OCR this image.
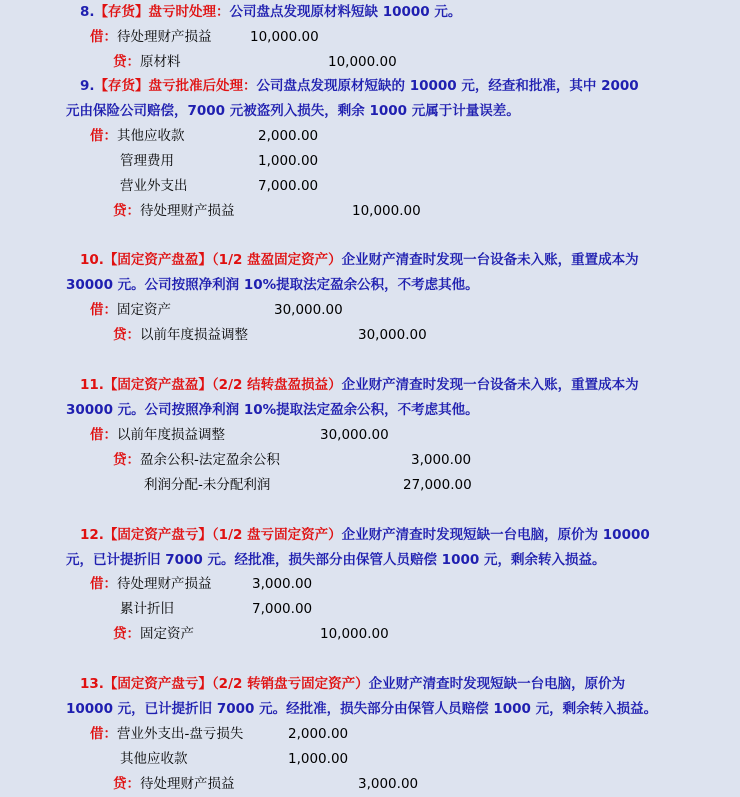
8.【存货】盘亏时处理：公司盘点发现原材料短缺 10000 元。
借：待处理财产损益	10,000.00
贷：原材料	10,000.00
9.【存货】盘亏批准后处理：公司盘点发现原材短缺的 10000 元，经查和批准，其中 2000
元由保险公司赔偿，7000 元被盗列入损失，剩余 1000 元属于计量误差。
借：其他应收款	2,000.00
管理费用	1,000.00
营业外支出	7,000.00
贷：待处理财产损益	10,000.00
10.【固定资产盘盈】（1/2 盘盈固定资产）企业财产清查时发现一台设备未入账，重置成本为
30000 元。公司按照净利润 10%提取法定盈余公积，不考虑其他。
借：固定资产	30,000.00
贷：以前年度损益调整	30,000.00
11.【固定资产盘盈】（2/2 结转盘盈损益）企业财产清查时发现一台设备未入账，重置成本为
30000 元。公司按照净利润 10%提取法定盈余公积，不考虑其他。
借：以前年度损益调整	30,000.00
贷：盈余公积-法定盈余公积	3,000.00
利润分配-未分配利润	27,000.00
12.【固定资产盘亏】（1/2 盘亏固定资产）企业财产清查时发现短缺一台电脑，原价为 10000
元，已计提折旧 7000 元。经批准，损失部分由保管人员赔偿 1000 元，剩余转入损益。
借：待处理财产损益	3,000.00
累计折旧	7,000.00
贷：固定资产	10,000.00
13.【固定资产盘亏】（2/2 转销盘亏固定资产）企业财产清查时发现短缺一台电脑，原价为
10000 元，已计提折旧 7000 元。经批准，损失部分由保管人员赔偿 1000 元，剩余转入损益。
借：营业外支出-盘亏损失	2,000.00
其他应收款	1,000.00
贷：待处理财产损益	3,000.00
